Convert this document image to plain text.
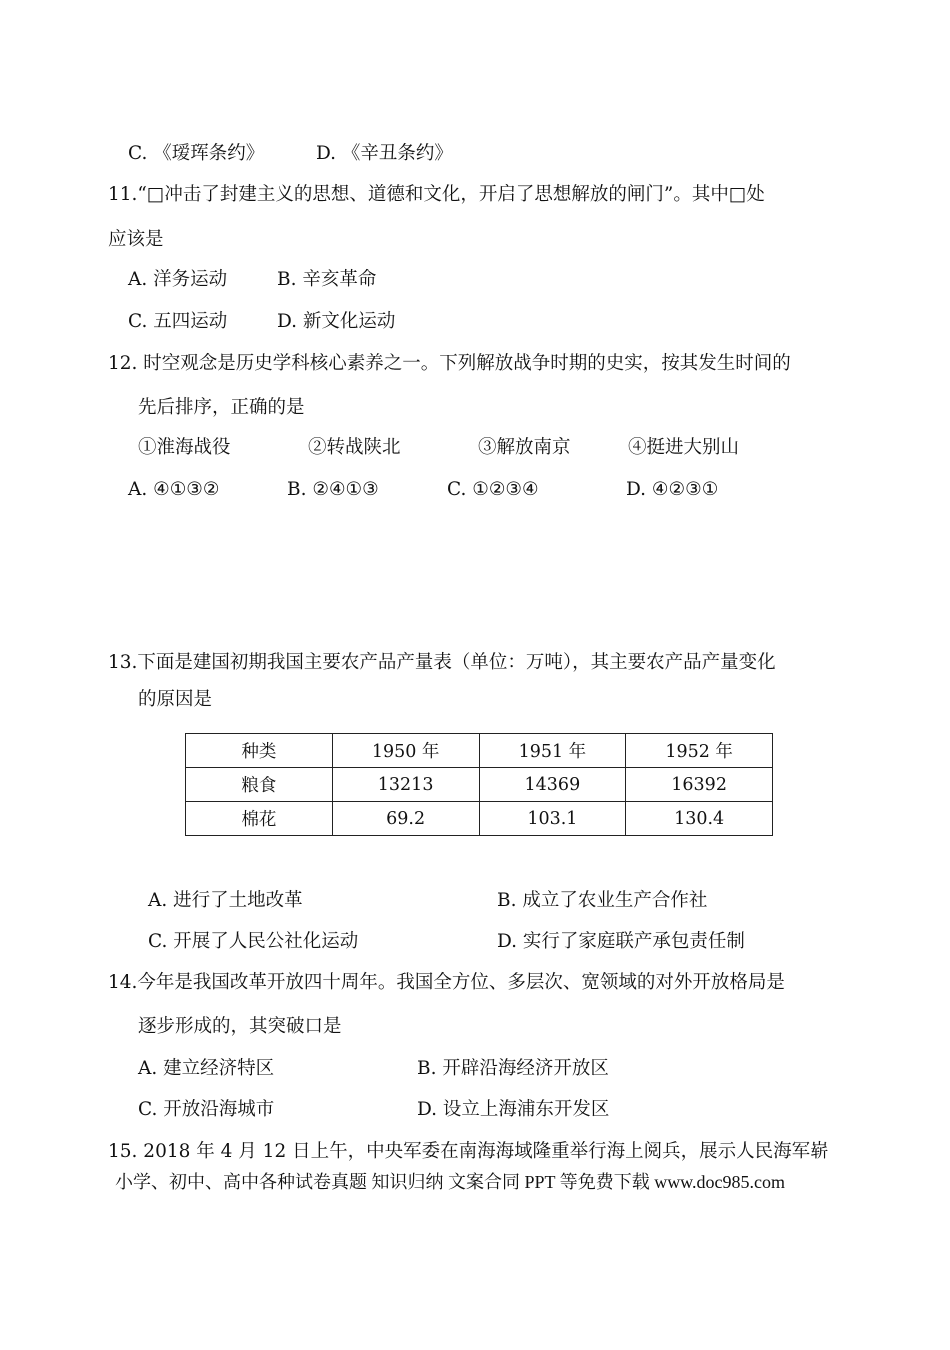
C. 《瑷珲条约》	D. 《辛丑条约》
11.“□冲击了封建主义的思想、道德和文化，开启了思想解放的闸门”。其中□处
应该是
A. 洋务运动	B. 辛亥革命
C. 五四运动	D. 新文化运动
12. 时空观念是历史学科核心素养之一。下列解放战争时期的史实，按其发生时间的
先后排序，正确的是
①淮海战役	②转战陕北	③解放南京	④挺进大别山
A. ④①③②	B. ②④①③	C. ①②③④	D. ④②③①
13.下面是建国初期我国主要农产品产量表（单位：万吨），其主要农产品产量变化
的原因是
种类	1950 年	1951 年	1952 年
粮食	13213	14369	16392
棉花	69.2	103.1	130.4
A. 进行了土地改革	B. 成立了农业生产合作社
C. 开展了人民公社化运动	D. 实行了家庭联产承包责任制
14.今年是我国改革开放四十周年。我国全方位、多层次、宽领域的对外开放格局是
逐步形成的，其突破口是
A. 建立经济特区	B. 开辟沿海经济开放区
C. 开放沿海城市	D. 设立上海浦东开发区
15. 2018 年 4 月 12 日上午，中央军委在南海海域隆重举行海上阅兵，展示人民海军崭
小学、初中、高中各种试卷真题 知识归纳 文案合同 PPT 等免费下载 www.doc985.com
